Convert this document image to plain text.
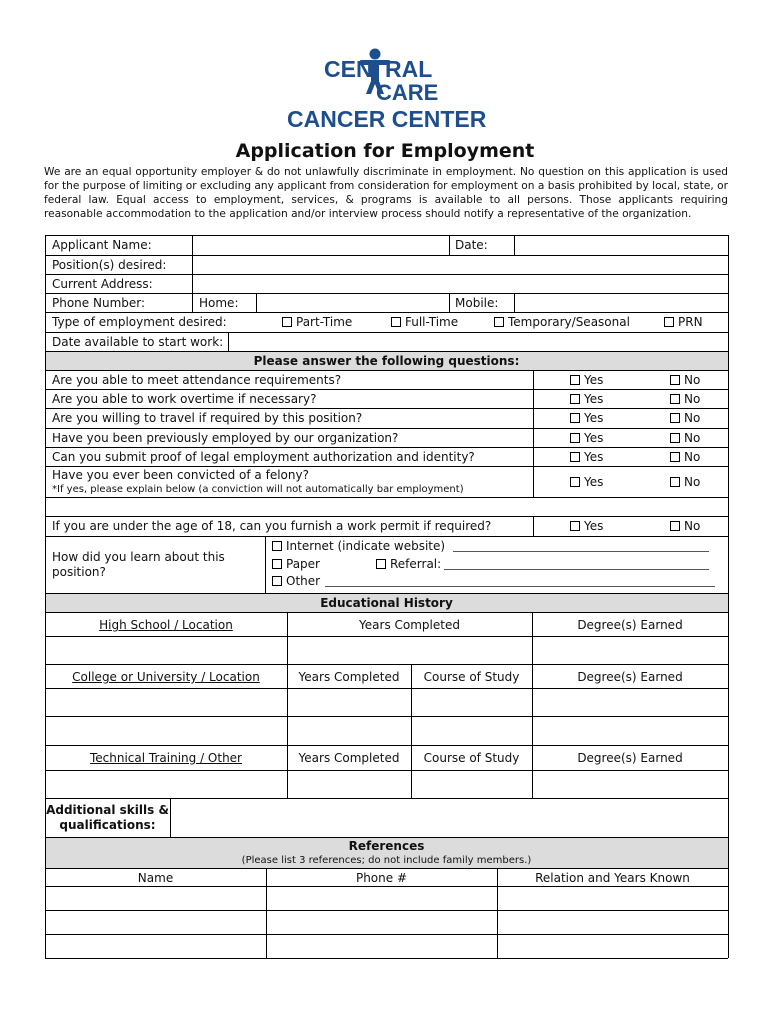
CEN RAL
CARE
CANCER CENTER
Application for Employment
We are an equal opportunity employer & do not unlawfully discriminate in employment. No question on this application is used for the purpose of limiting or excluding any applicant from consideration for employment on a basis prohibited by local, state, or federal law. Equal access to employment, services, & programs is available to all persons. Those applicants requiring reasonable accommodation to the application and/or interview process should notify a representative of the organization.
Applicant Name:	Date:
Position(s) desired:
Current Address:
Phone Number:	Home:	Mobile:
Type of employment desired:	Part-Time	Full-Time	Temporary/Seasonal	PRN
Date available to start work:
Please answer the following questions:
Are you able to meet attendance requirements?	Yes	No
Are you able to work overtime if necessary?	Yes	No
Are you willing to travel if required by this position?	Yes	No
Have you been previously employed by our organization?	Yes	No
Can you submit proof of legal employment authorization and identity?	Yes	No
Have you ever been convicted of a felony?
*If yes, please explain below (a conviction will not automatically bar employment)
Yes	No
If you are under the age of 18, can you furnish a work permit if required?	Yes	No
How did you learn about this position?
Internet (indicate website)
Paper	Referral:
Other
Educational History
High School / Location	Years Completed	Degree(s) Earned
College or University / Location	Years Completed	Course of Study	Degree(s) Earned
Technical Training / Other	Years Completed	Course of Study	Degree(s) Earned
Additional skills & qualifications:
References
(Please list 3 references; do not include family members.)
Name	Phone #	Relation and Years Known
